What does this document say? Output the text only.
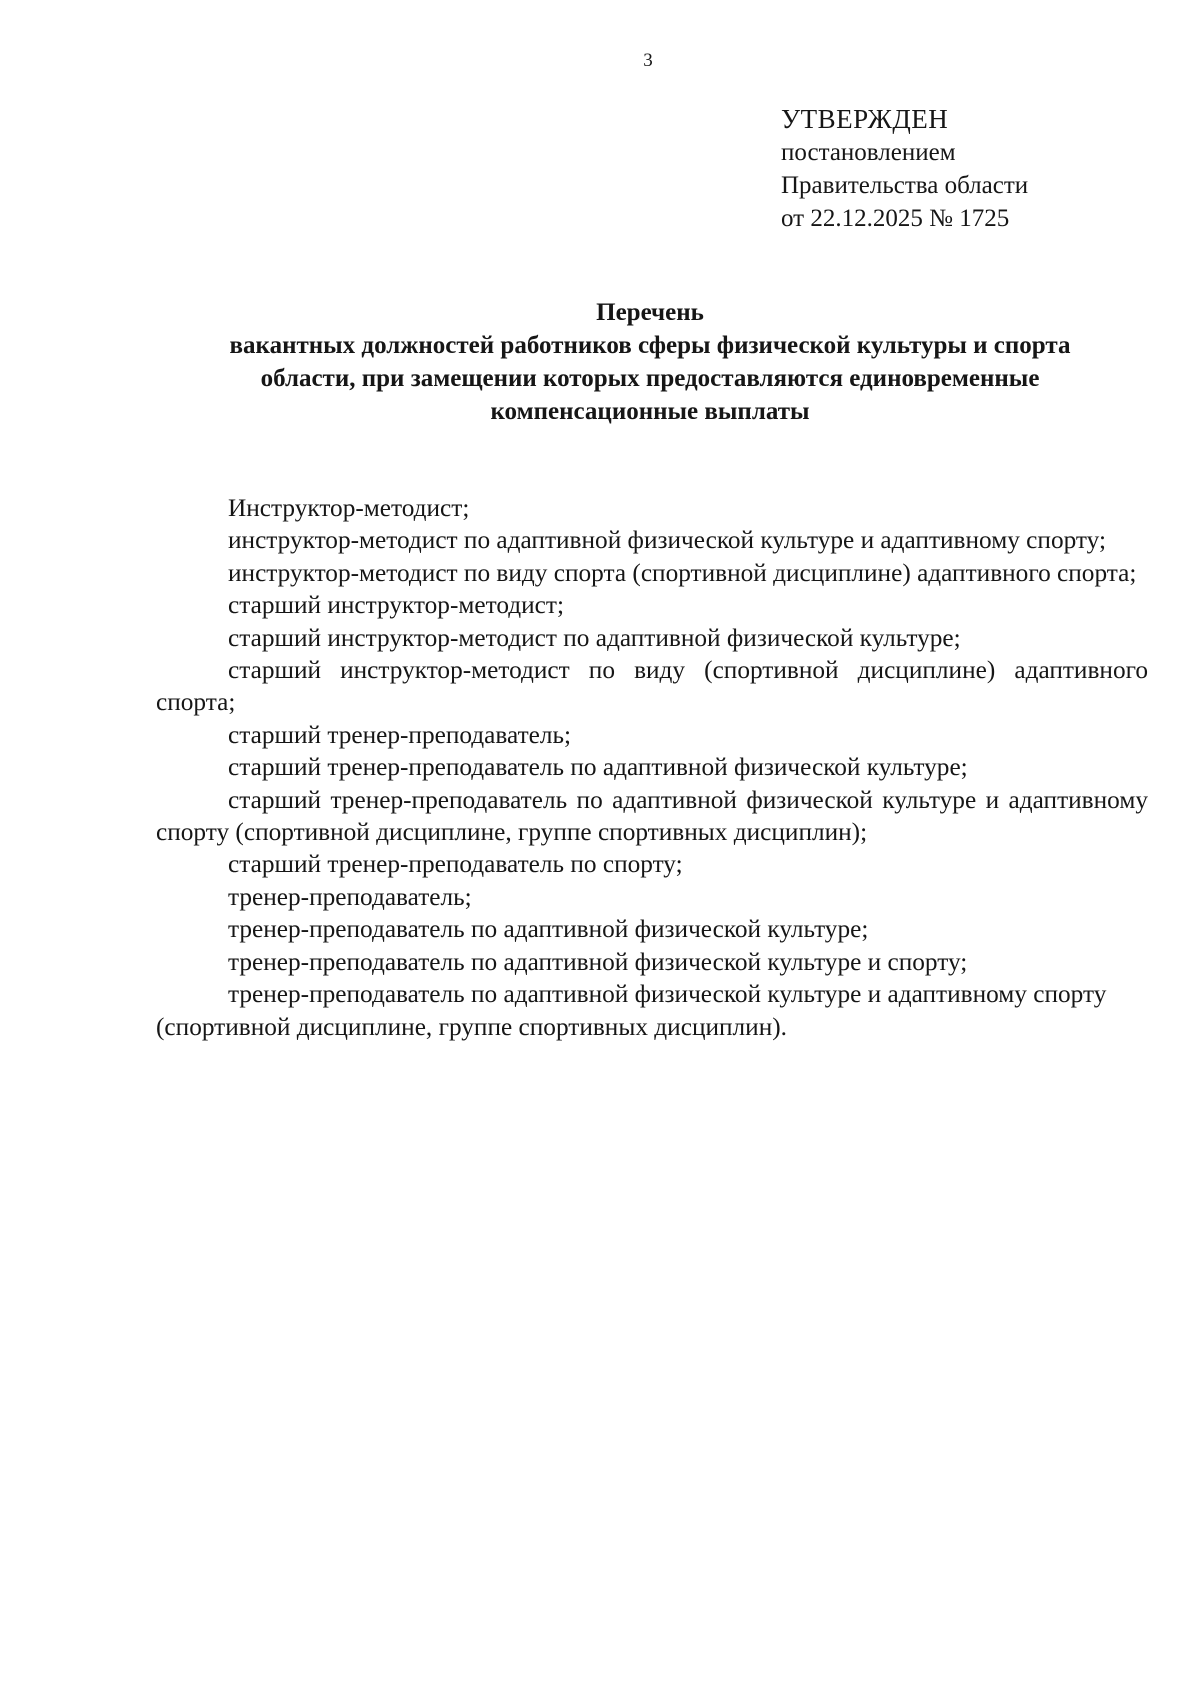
3
УТВЕРЖДЕН
постановлением
Правительства области
от 22.12.2025 № 1725
Перечень
вакантных должностей работников сферы физической культуры и спорта
области, при замещении которых предоставляются единовременные
компенсационные выплаты

Инструктор-методист;

инструктор-методист по адаптивной физической культуре и адаптивному спорту;

инструктор-методист по виду спорта (спортивной дисциплине) адаптивного спорта;

старший инструктор-методист;

старший инструктор-методист по адаптивной физической культуре;

старший инструктор-методист по виду (спортивной дисциплине) адаптивного спорта;

старший тренер-преподаватель;

старший тренер-преподаватель по адаптивной физической культуре;

старший тренер-преподаватель по адаптивной физической культуре и адаптивному спорту (спортивной дисциплине, группе спортивных дисциплин);

старший тренер-преподаватель по спорту;

тренер-преподаватель;

тренер-преподаватель по адаптивной физической культуре;

тренер-преподаватель по адаптивной физической культуре и спорту;

тренер-преподаватель по адаптивной физической культуре и адаптивному спорту (спортивной дисциплине, группе спортивных дисциплин).
